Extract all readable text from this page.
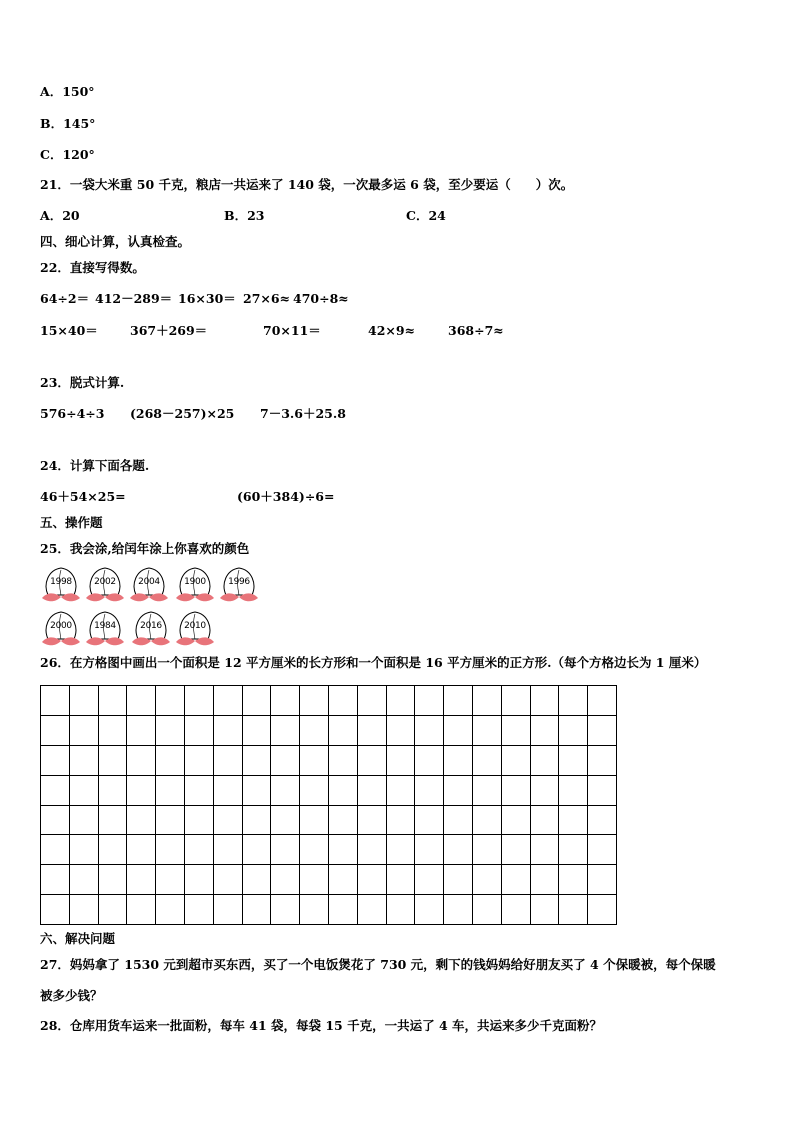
A．150°
B．145°
C．120°
21．一袋大米重 50 千克，粮店一共运来了 140 袋，一次最多运 6 袋，至少要运（　　）次。
A．20	B．23	C．24
四、细心计算，认真检查。
22．直接写得数。
64÷2＝ 412－289＝ 16×30＝ 27×6≈ 470÷8≈
15×40＝	367＋269＝	70×11＝	42×9≈	368÷7≈
23．脱式计算.
576÷4÷3 (268－257)×25 7－3.6＋25.8
24．计算下面各题.
46＋54×25=	(60＋384)÷6=
五、操作题
25．我会涂,给闰年涂上你喜欢的颜色
1998	2002	2004	1900	1996
2000	1984	2016	2010
26．在方格图中画出一个面积是 12 平方厘米的长方形和一个面积是 16 平方厘米的正方形.（每个方格边长为 1 厘米）
六、解决问题
27．妈妈拿了 1530 元到超市买东西，买了一个电饭煲花了 730 元，剩下的钱妈妈给好朋友买了 4 个保暖被，每个保暖
被多少钱？
28．仓库用货车运来一批面粉，每车 41 袋，每袋 15 千克，一共运了 4 车，共运来多少千克面粉？
